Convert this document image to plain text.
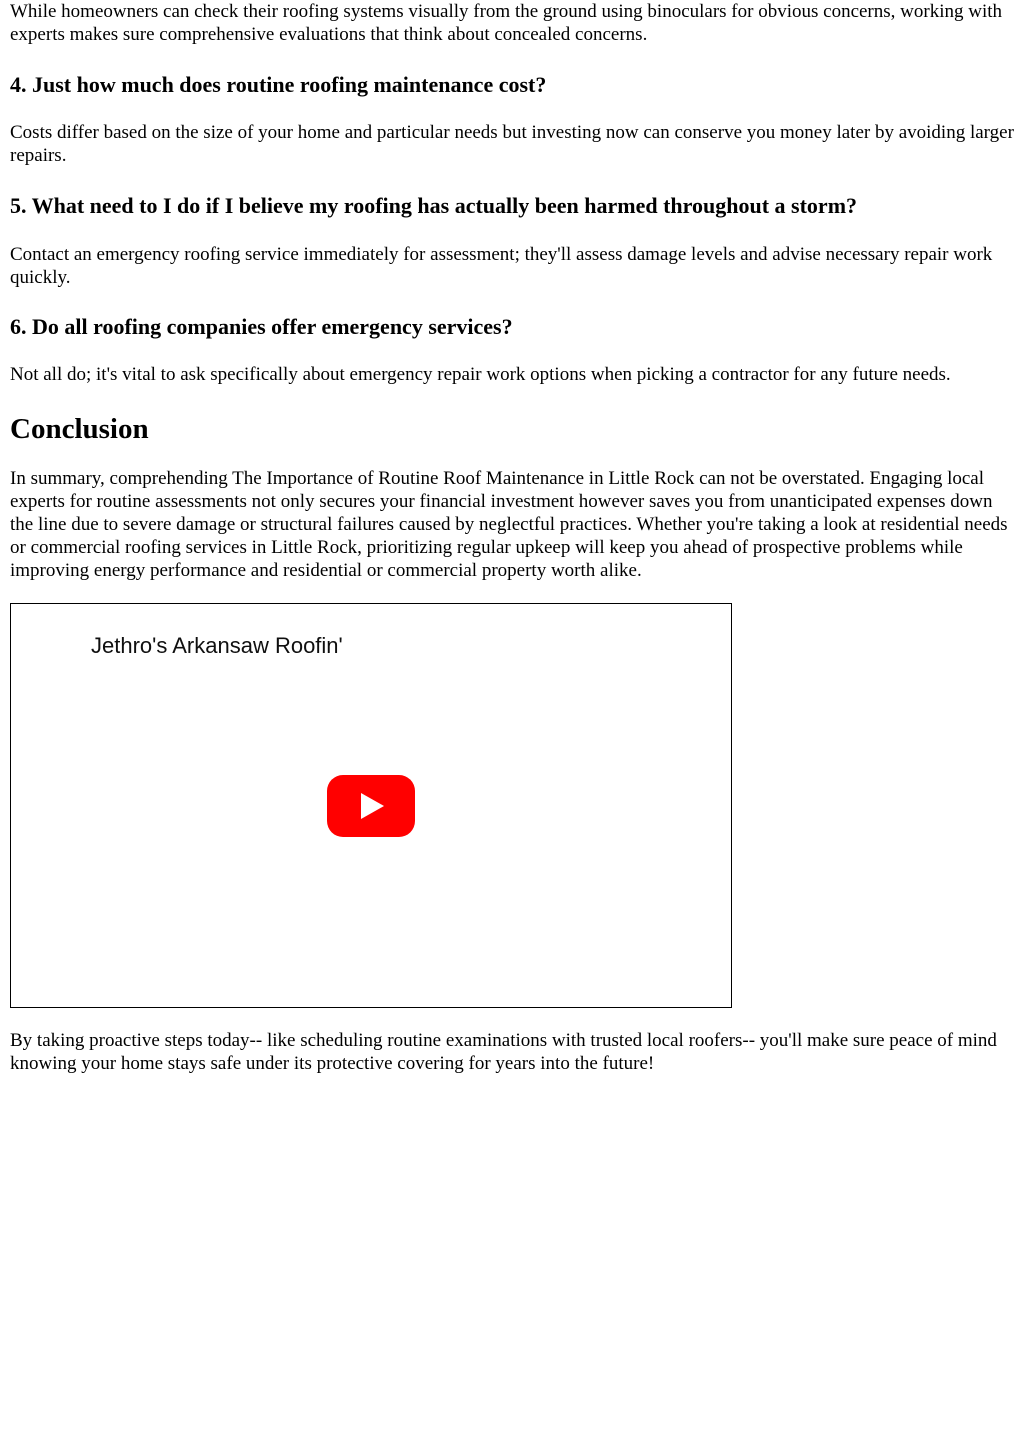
While homeowners can check their roofing systems visually from the ground using binoculars for obvious concerns, working with experts makes sure comprehensive evaluations that think about concealed concerns.

4. Just how much does routine roofing maintenance cost?

Costs differ based on the size of your home and particular needs but investing now can conserve you money later by avoiding larger repairs.

5. What need to I do if I believe my roofing has actually been harmed throughout a storm?

Contact an emergency roofing service immediately for assessment; they'll assess damage levels and advise necessary repair work quickly.

6. Do all roofing companies offer emergency services?

Not all do; it's vital to ask specifically about emergency repair work options when picking a contractor for any future needs.

Conclusion

In summary, comprehending The Importance of Routine Roof Maintenance in Little Rock can not be overstated. Engaging local experts for routine assessments not only secures your financial investment however saves you from unanticipated expenses down the line due to severe damage or structural failures caused by neglectful practices. Whether you're taking a look at residential needs or commercial roofing services in Little Rock, prioritizing regular upkeep will keep you ahead of prospective problems while improving energy performance and residential or commercial property worth alike.

Jethro's Arkansaw Roofin'

By taking proactive steps today-- like scheduling routine examinations with trusted local roofers-- you'll make sure peace of mind knowing your home stays safe under its protective covering for years into the future!
